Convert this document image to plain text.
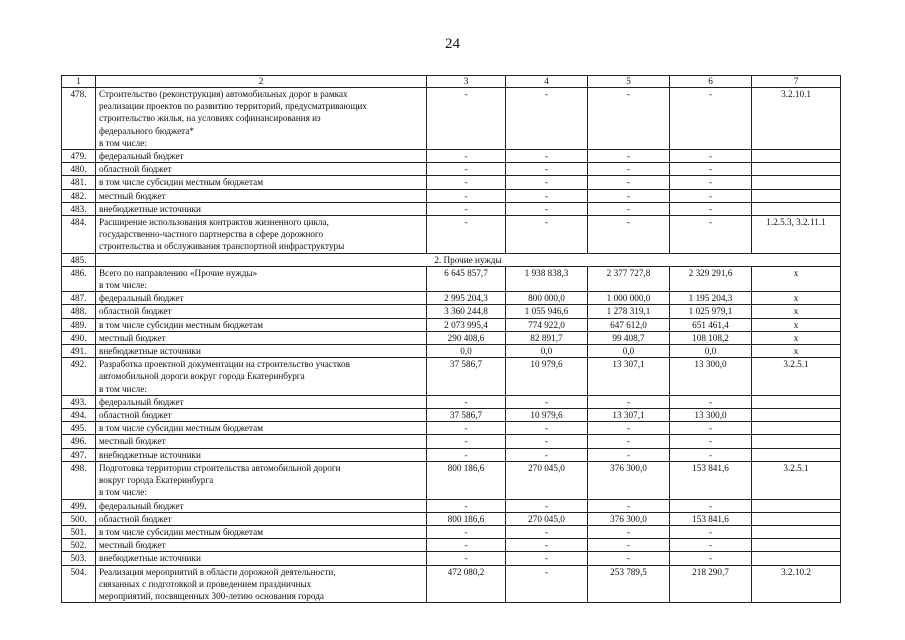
24
1	2	3	4	5	6	7
478.	Строительство (реконструкция) автомобильных дорог в рамках
реализации проектов по развитию территорий, предусматривающих
строительство жилья, на условиях софинансирования из
федерального бюджета*
в том числе:	-	-	-	-	3.2.10.1
479.	федеральный бюджет	-	-	-	-	
480.	областной бюджет	-	-	-	-	
481.	в том числе субсидии местным бюджетам	-	-	-	-	
482.	местный бюджет	-	-	-	-	
483.	внебюджетные источники	-	-	-	-	
484.	Расширение использования контрактов жизненного цикла,
государственно-частного партнерства в сфере дорожного
строительства и обслуживания транспортной инфраструктуры	-	-	-	-	1.2.5.3, 3.2.11.1
485.	2. Прочие нужды					
486.	Всего по направлению «Прочие нужды»
в том числе:	6 645 857,7	1 938 838,3	2 377 727,8	2 329 291,6	x
487.	федеральный бюджет	2 995 204,3	800 000,0	1 000 000,0	1 195 204,3	x
488.	областной бюджет	3 360 244,8	1 055 946,6	1 278 319,1	1 025 979,1	x
489.	в том числе субсидии местным бюджетам	2 073 995,4	774 922,0	647 612,0	651 461,4	x
490.	местный бюджет	290 408,6	82 891,7	99 408,7	108 108,2	x
491.	внебюджетные источники	0,0	0,0	0,0	0,0	x
492.	Разработка проектной документации на строительство участков
автомобильной дороги вокруг города Екатеринбурга
в том числе:	37 586,7	10 979,6	13 307,1	13 300,0	3.2.5.1
493.	федеральный бюджет	-	-	-	-	
494.	областной бюджет	37 586,7	10 979,6	13 307,1	13 300,0	
495.	в том числе субсидии местным бюджетам	-	-	-	-	
496.	местный бюджет	-	-	-	-	
497.	внебюджетные источники	-	-	-	-	
498.	Подготовка территории строительства автомобильной дороги
вокруг города Екатеринбурга
в том числе:	800 186,6	270 045,0	376 300,0	153 841,6	3.2.5.1
499.	федеральный бюджет	-	-	-	-	
500.	областной бюджет	800 186,6	270 045,0	376 300,0	153 841,6	
501.	в том числе субсидии местным бюджетам	-	-	-	-	
502.	местный бюджет	-	-	-	-	
503.	внебюджетные источники	-	-	-	-	
504.	Реализация мероприятий в области дорожной деятельности,
связанных с подготовкой и проведением праздничных
мероприятий, посвященных 300-летию основания города	472 080,2	-	253 789,5	218 290,7	3.2.10.2
